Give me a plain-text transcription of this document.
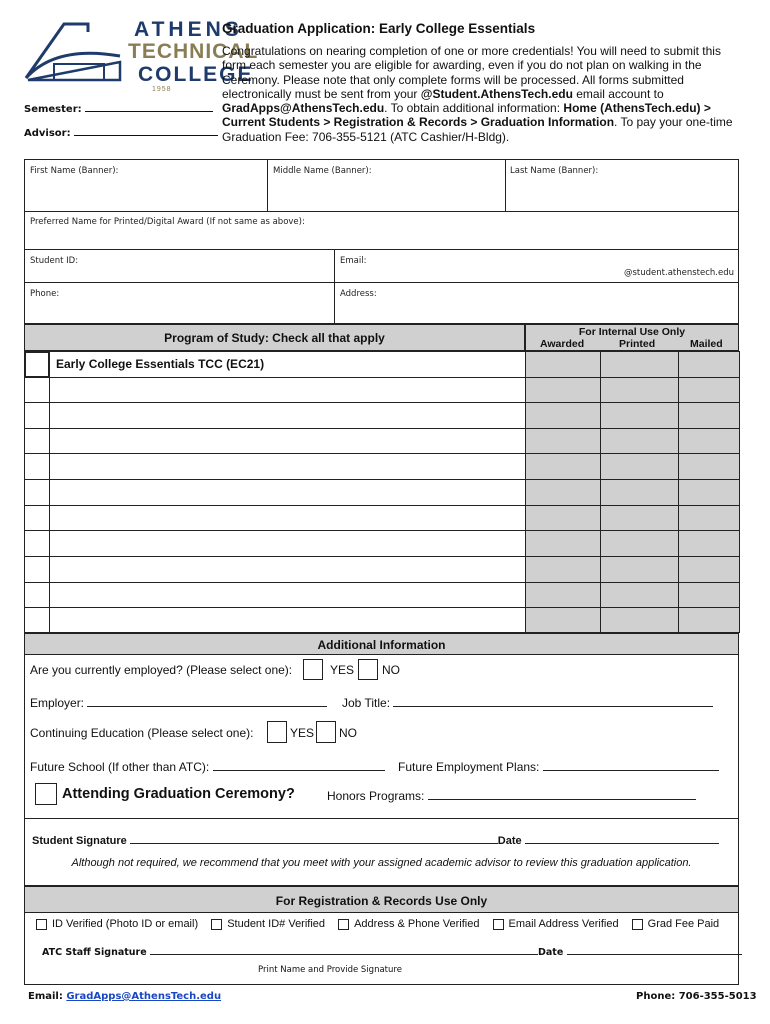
ATHENS
TECHNICAL
COLLEGE
1958
Semester:
Advisor:
Graduation Application: Early College Essentials
Congratulations on nearing completion of one or more credentials! You will need to submit this form each semester you are eligible for awarding, even if you do not plan on walking in the Ceremony. Please note that only complete forms will be processed. All forms submitted electronically must be sent from your @Student.AthensTech.edu email account to GradApps@AthensTech.edu. To obtain additional information: Home (AthensTech.edu) > Current Students > Registration & Records > Graduation Information. To pay your one-time Graduation Fee: 706-355-5121 (ATC Cashier/H-Bldg).
First Name (Banner):	Middle Name (Banner):	Last Name (Banner):
Preferred Name for Printed/Digital Award (If not same as above):
Student ID:	Email:
@student.athenstech.edu
Phone:	Address:
Program of Study: Check all that apply	For Internal Use Only
Awarded	Printed	Mailed
Early College Essentials TCC (EC21)
Additional Information
Are you currently employed? (Please select one):	YES NO
Employer:	Job Title:
Continuing Education (Please select one):	YES NO
Future School (If other than ATC):	Future Employment Plans:
Attending Graduation Ceremony?	Honors Programs:
Student Signature	Date
Although not required, we recommend that you meet with your assigned academic advisor to review this graduation application.
For Registration & Records Use Only
ID Verified (Photo ID or email)	Student ID# Verified	Address & Phone Verified	Email Address Verified	Grad Fee Paid
ATC Staff Signature	Date
Print Name and Provide Signature
Email: GradApps@AthensTech.edu	Phone: 706-355-5013
